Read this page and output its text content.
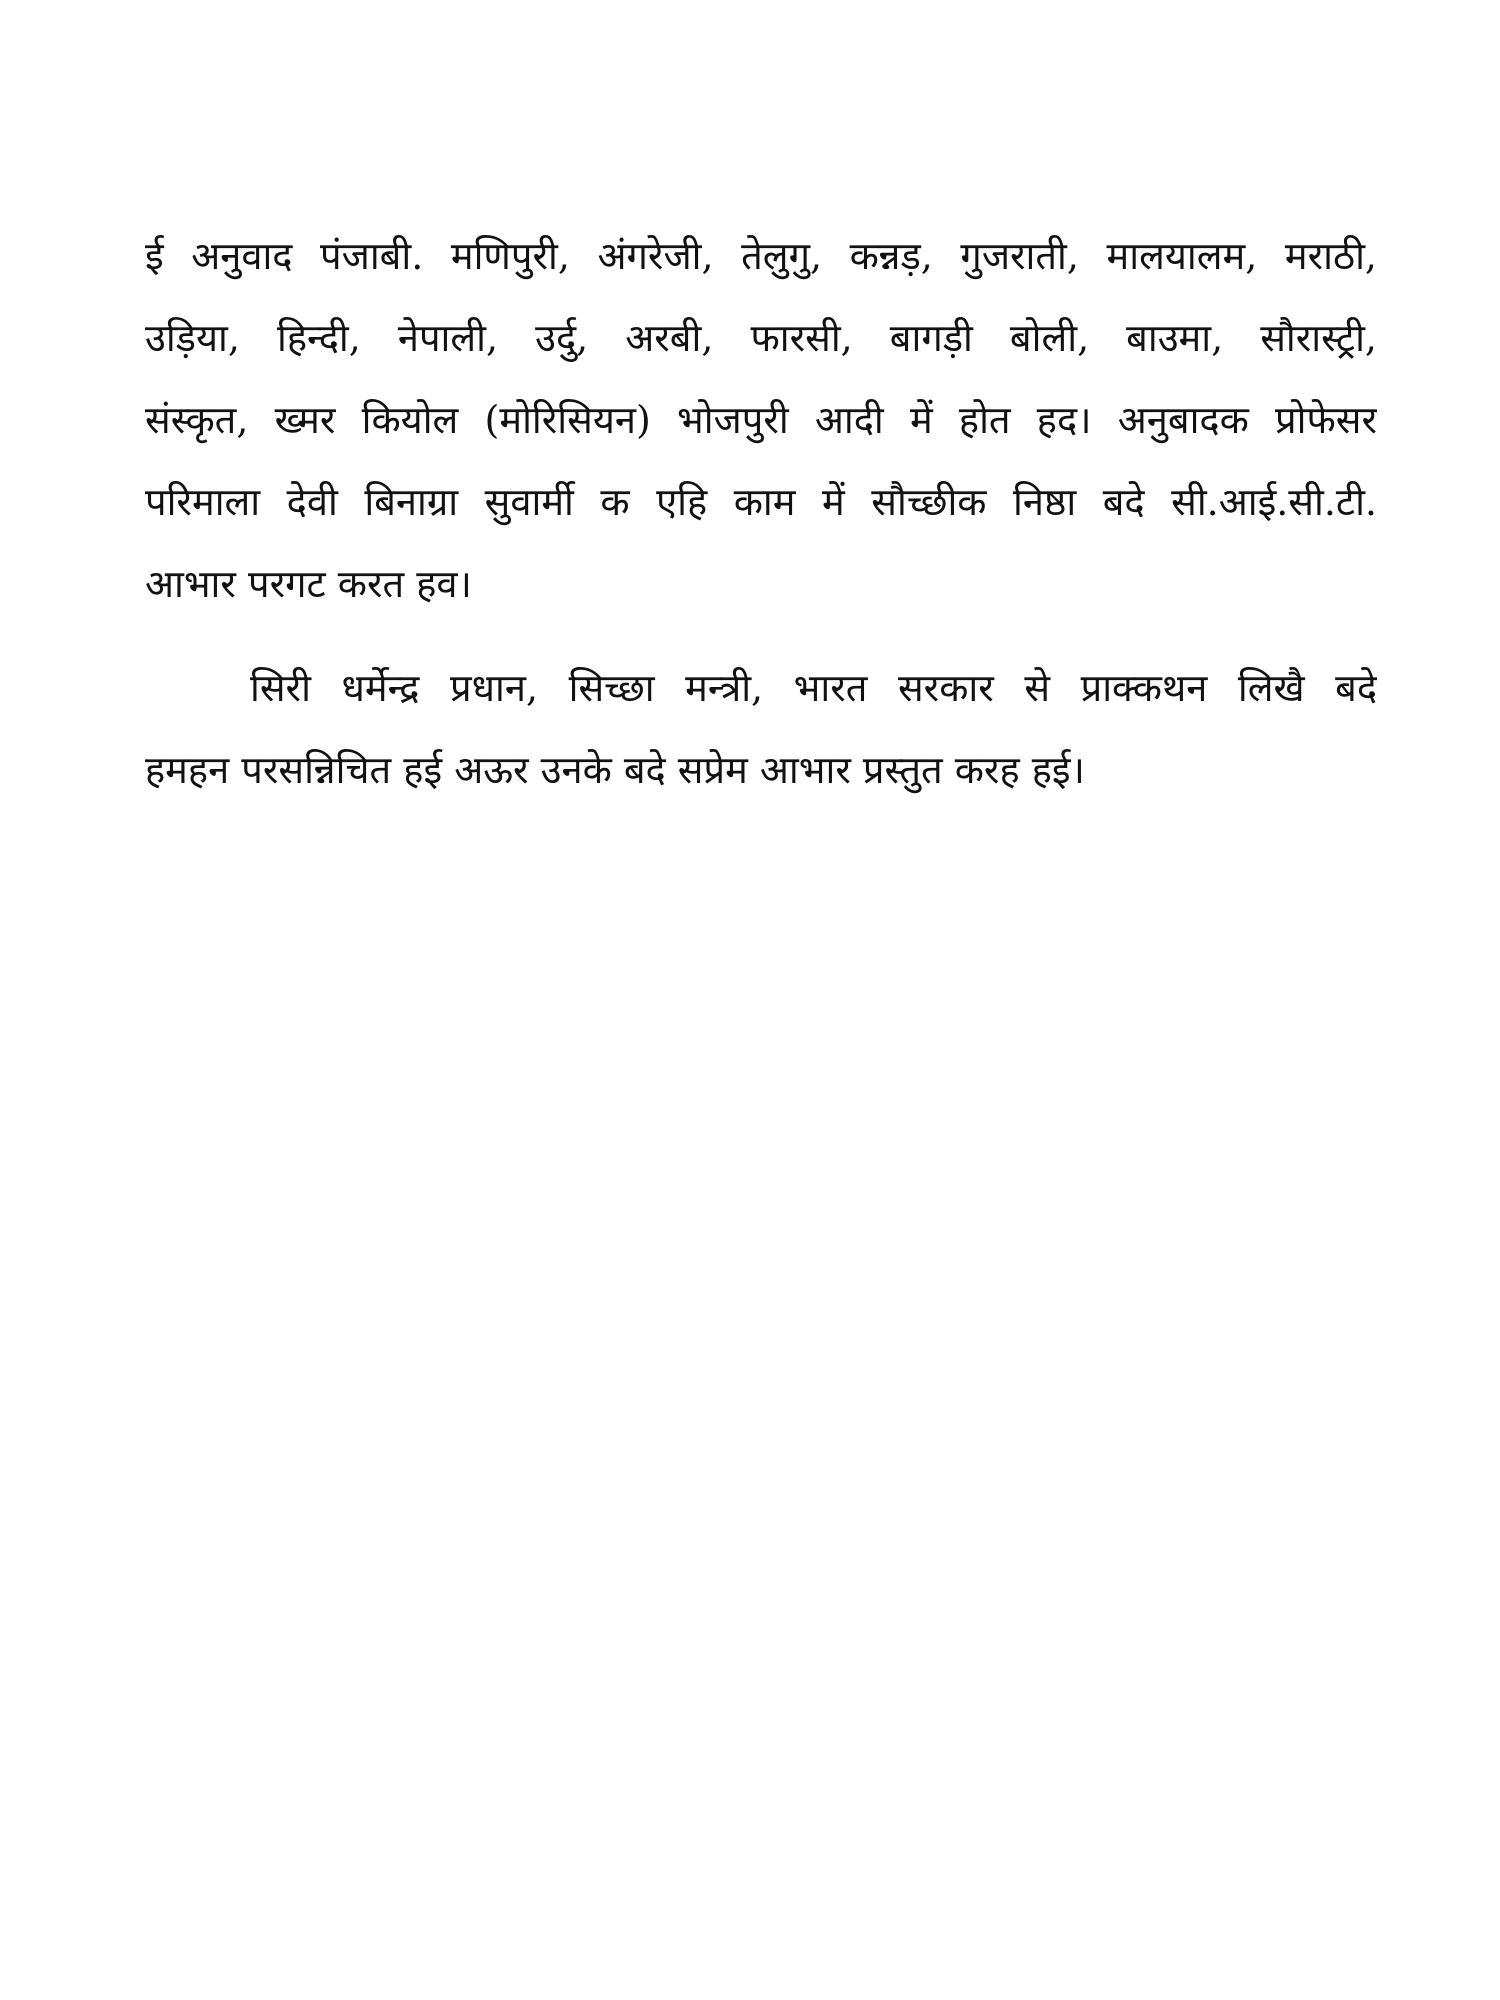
ई अनुवाद पंजाबी. मणिपुरी, अंगरेजी, तेलुगु, कन्नड़, गुजराती, मालयालम, मराठी,
उड़िया, हिन्दी, नेपाली, उर्दु, अरबी, फारसी, बागड़ी बोली, बाउमा, सौरास्ट्री,
संस्कृत, ख्मर कियोल (मोरिसियन) भोजपुरी आदी में होत हद। अनुबादक प्रोफेसर
परिमाला देवी बिनाग्रा सुवार्मी क एहि काम में सौच्छीक निष्ठा बदे सी.आई.सी.टी.
आभार परगट करत हव।
सिरी धर्मेन्द्र प्रधान, सिच्छा मन्त्री, भारत सरकार से प्राक्कथन लिखै बदे
हमहन परसन्निचित हई अऊर उनके बदे सप्रेम आभार प्रस्तुत करह हई।
